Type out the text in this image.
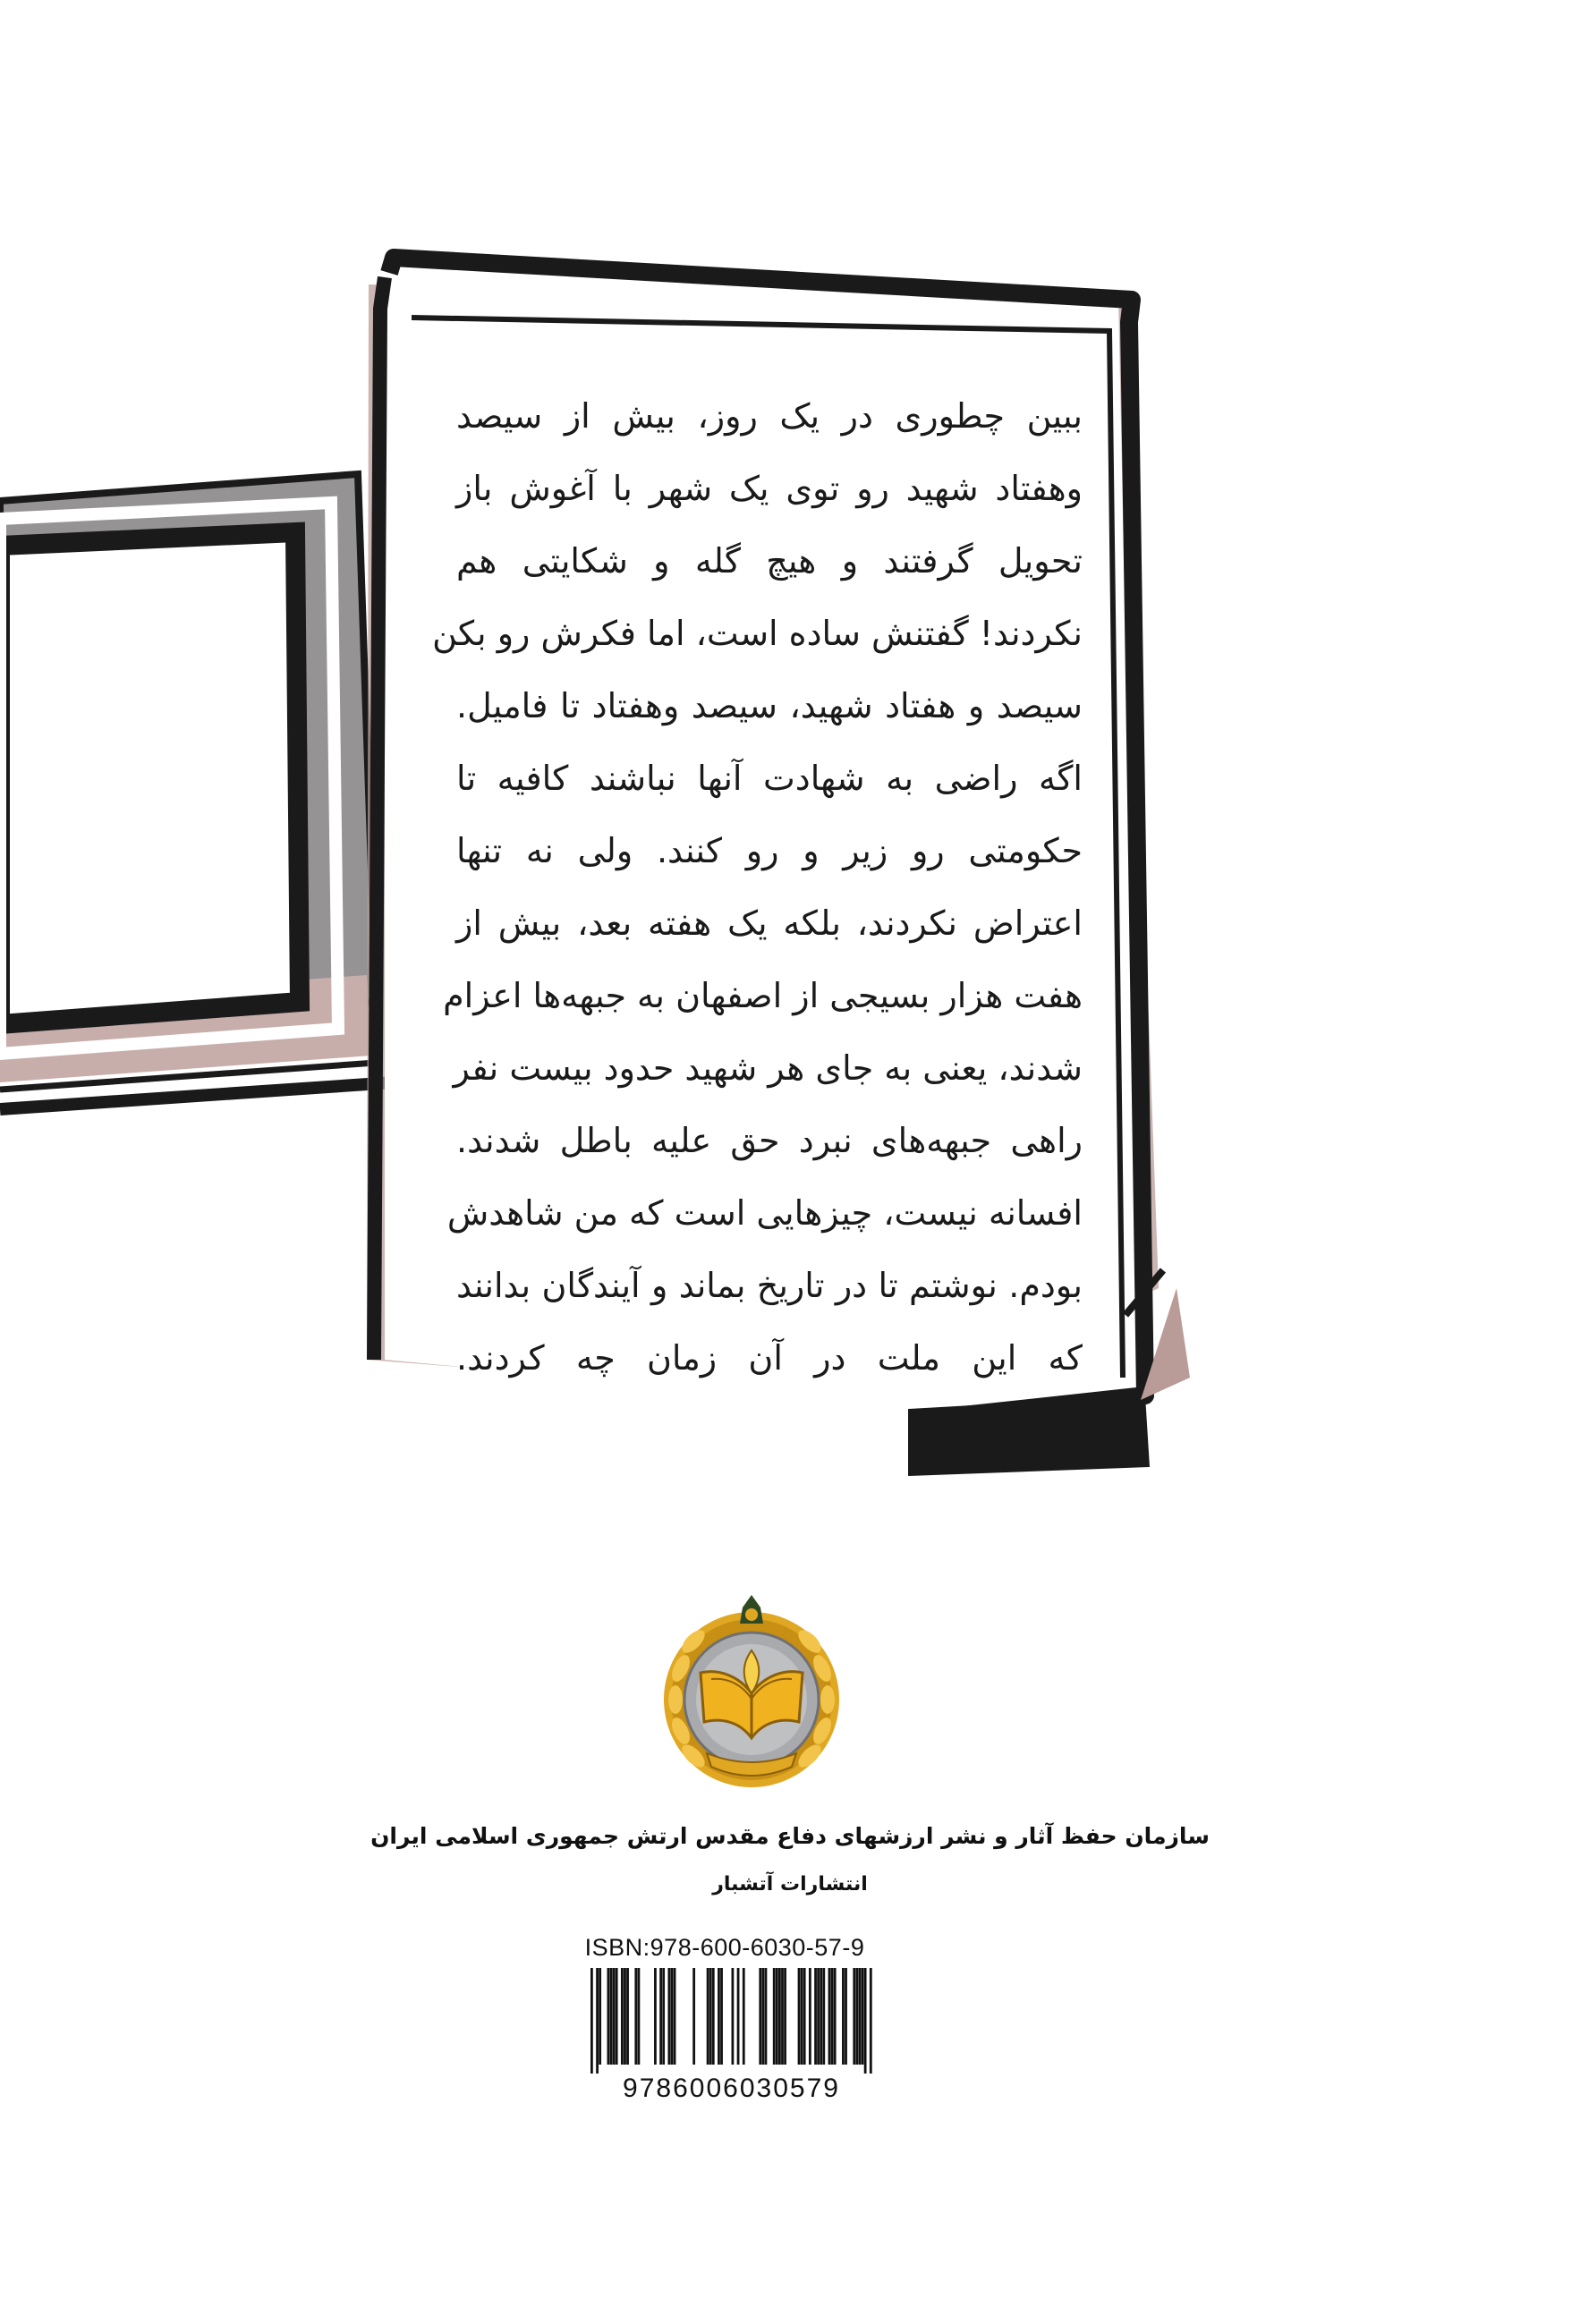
ببین چطوری در یک روز، بیش از سیصد
وهفتاد شهید رو توی یک شهر با آغوش باز
تحویل گرفتند و هیچ گله و شکایتی هم
نکردند! گفتنش ساده است، اما فکرش رو بکن
سیصد و هفتاد شهید، سیصد وهفتاد تا فامیل.
اگه راضی به شهادت آنها نباشند کافیه تا
حکومتی رو زیر و رو کنند. ولی نه تنها
اعتراض نکردند، بلکه یک هفته بعد، بیش از
هفت هزار بسیجی از اصفهان به جبهه‌ها اعزام
شدند، یعنی به جای هر شهید حدود بیست نفر
راهی جبهه‌های نبرد حق علیه باطل شدند.
افسانه نیست، چیزهایی است که من شاهدش
بودم. نوشتم تا در تاریخ بماند و آیندگان بدانند
که این ملت در آن زمان چه کردند.
سازمان حفظ آثار و نشر ارزشهای دفاع مقدس ارتش جمهوری اسلامی ایران
انتشارات آتشبار
ISBN:978-600-6030-57-9
9786006030579
